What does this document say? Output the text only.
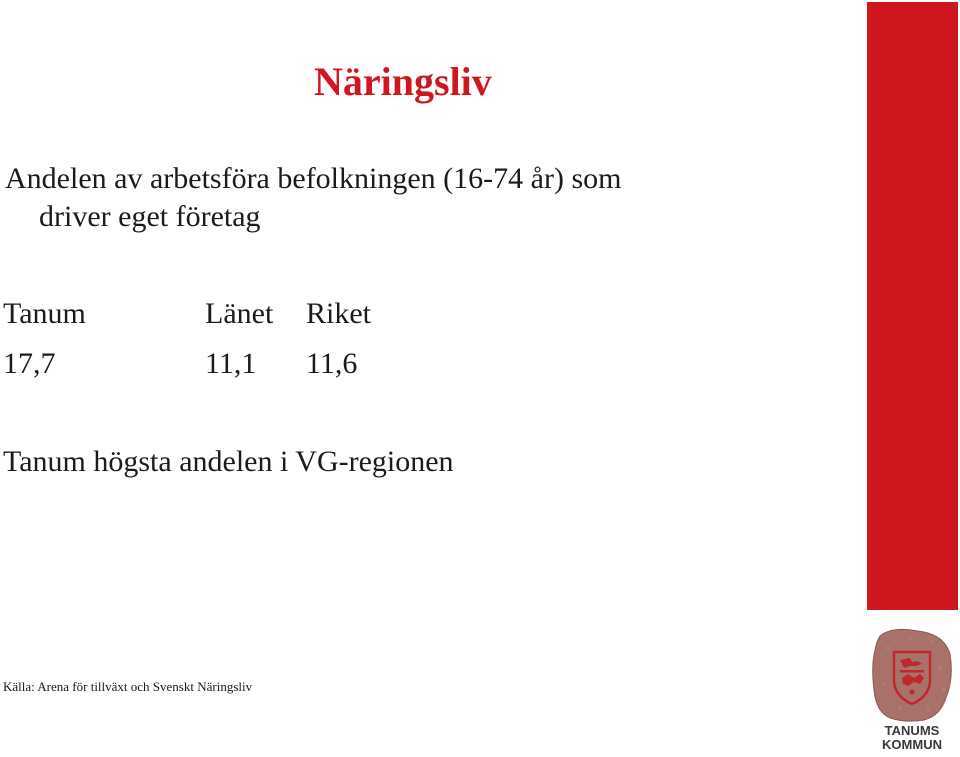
Näringsliv
Andelen av arbetsföra befolkningen (16-74 år) som
driver eget företag
Tanum	Länet Riket
17,7	11,1 11,6
Tanum högsta andelen i VG-regionen
Källa: Arena för tillväxt och Svenskt Näringsliv
TANUMS
KOMMUN
